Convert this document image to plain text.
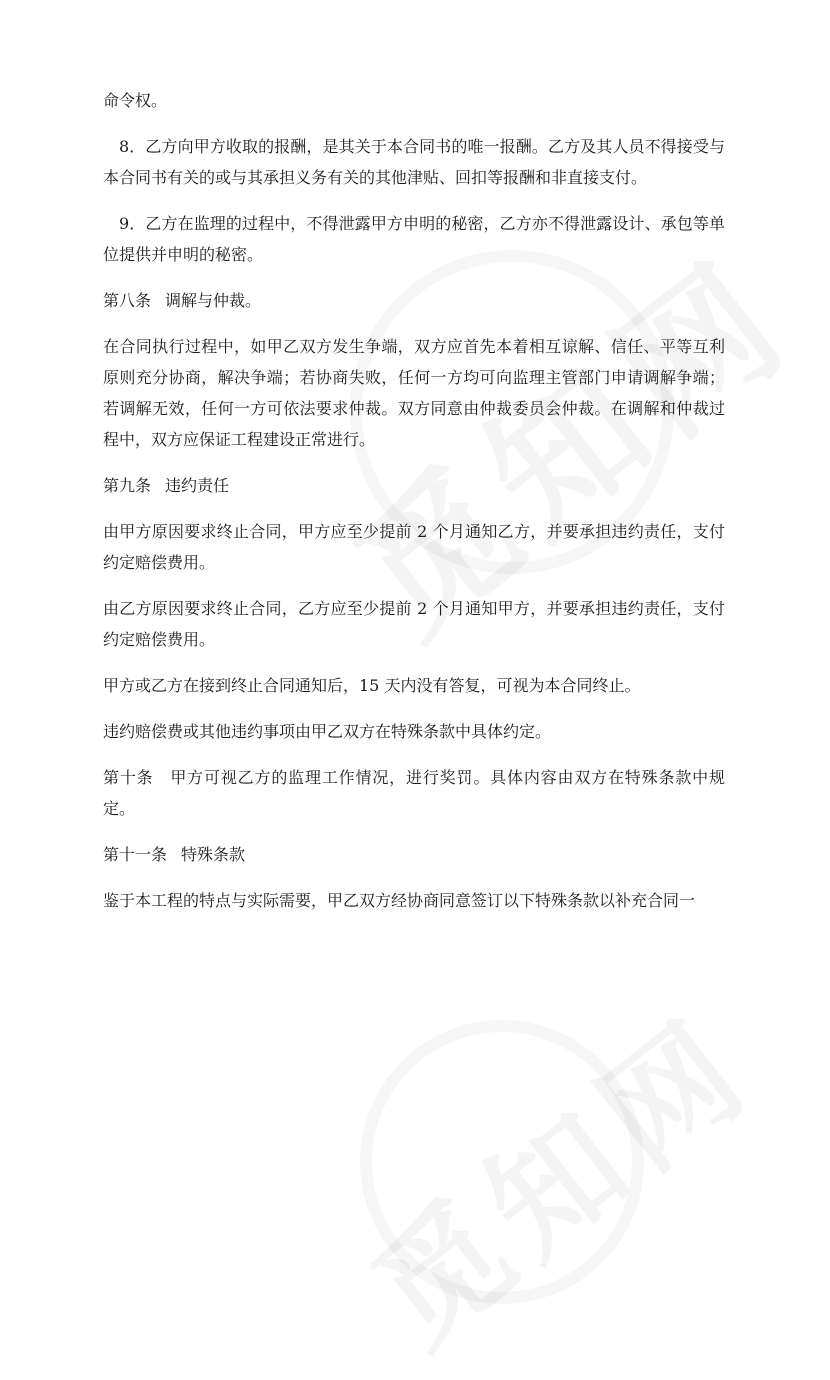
命令权。

8．乙方向甲方收取的报酬，是其关于本合同书的唯一报酬。乙方及其人员不得接受与本合同书有关的或与其承担义务有关的其他津贴、回扣等报酬和非直接支付。

9．乙方在监理的过程中，不得泄露甲方申明的秘密，乙方亦不得泄露设计、承包等单位提供并申明的秘密。

第八条 调解与仲裁。

在合同执行过程中，如甲乙双方发生争端，双方应首先本着相互谅解、信任、平等互利原则充分协商，解决争端；若协商失败，任何一方均可向监理主管部门申请调解争端；若调解无效，任何一方可依法要求仲裁。双方同意由仲裁委员会仲裁。在调解和仲裁过程中，双方应保证工程建设正常进行。

第九条 违约责任

由甲方原因要求终止合同，甲方应至少提前 2 个月通知乙方，并要承担违约责任，支付约定赔偿费用。

由乙方原因要求终止合同，乙方应至少提前 2 个月通知甲方，并要承担违约责任，支付约定赔偿费用。

甲方或乙方在接到终止合同通知后，15 天内没有答复，可视为本合同终止。

违约赔偿费或其他违约事项由甲乙双方在特殊条款中具体约定。

第十条　甲方可视乙方的监理工作情况，进行奖罚。具体内容由双方在特殊条款中规定。

第十一条 特殊条款

鉴于本工程的特点与实际需要，甲乙双方经协商同意签订以下特殊条款以补充合同一
